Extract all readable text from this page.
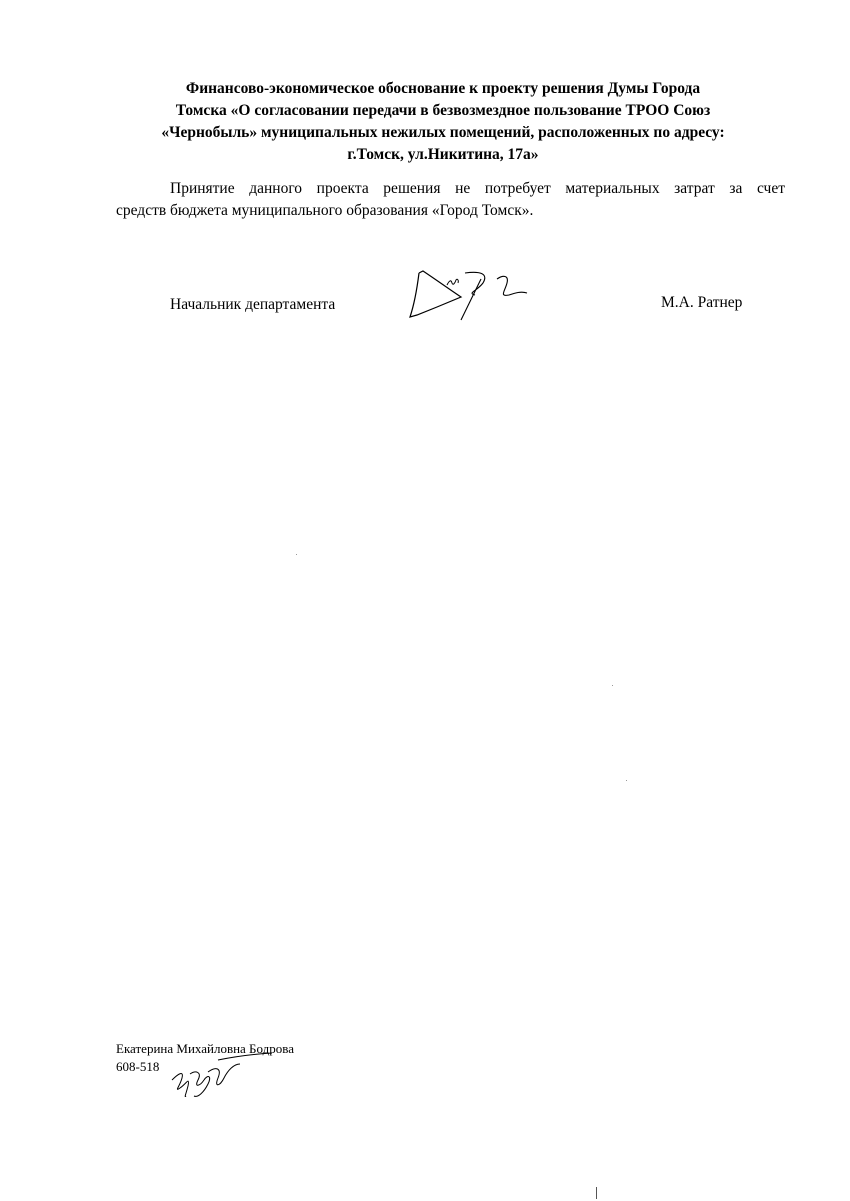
Финансово-экономическое обоснование к проекту решения Думы Города
Томска «О согласовании передачи в безвозмездное пользование ТРОО Союз
«Чернобыль» муниципальных нежилых помещений, расположенных по адресу:
г.Томск, ул.Никитина, 17а»
Принятие данного проекта решения не потребует материальных затрат за счет
средств бюджета муниципального образования «Город Томск».
Начальник департамента	М.А. Ратнер
Екатерина Михайловна Бодрова
608-518
